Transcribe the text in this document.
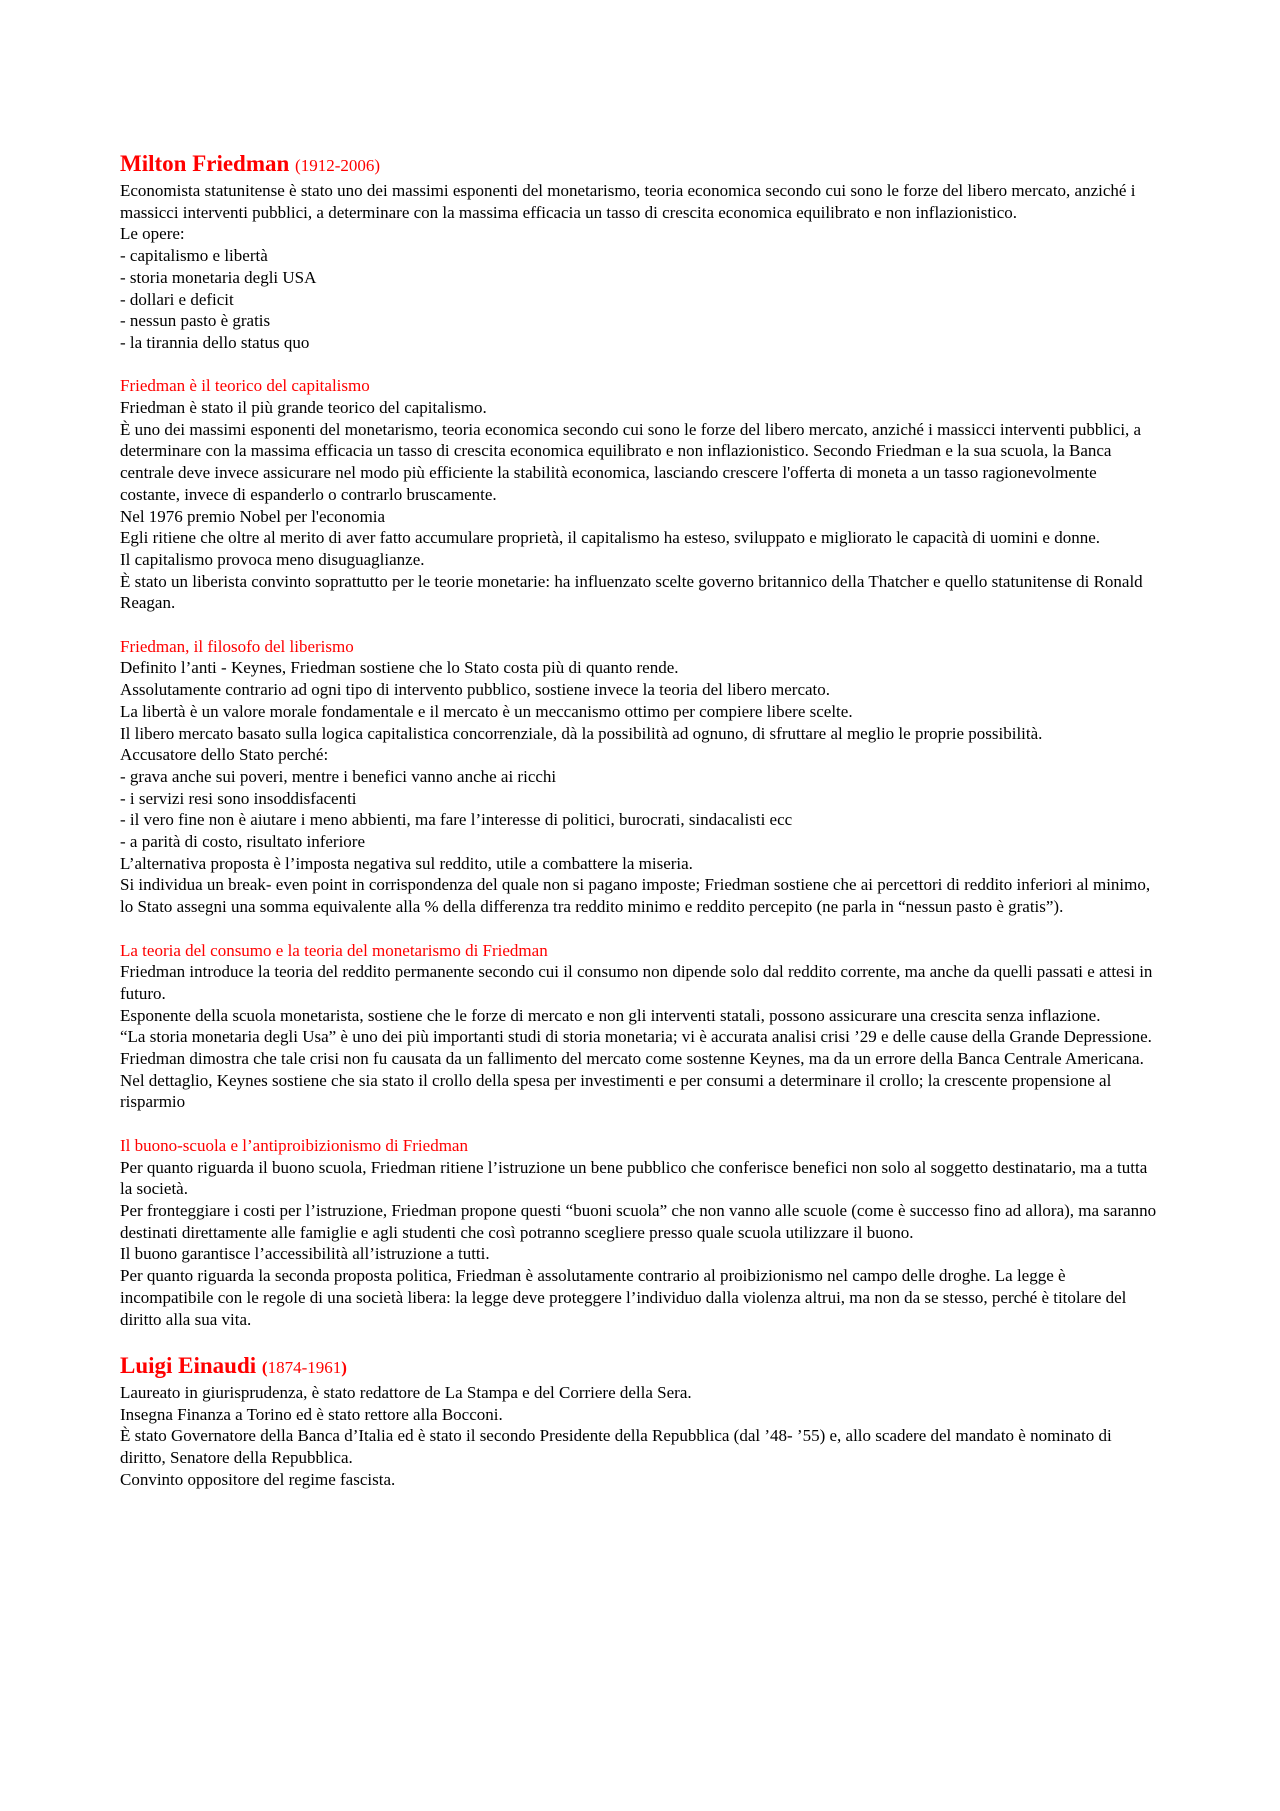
Milton Friedman (1912-2006)

Economista statunitense è stato uno dei massimi esponenti del monetarismo, teoria economica secondo cui sono le forze del libero mercato, anziché i massicci interventi pubblici, a determinare con la massima efficacia un tasso di crescita economica equilibrato e non inflazionistico.

Le opere:

- capitalismo e libertà

- storia monetaria degli USA

- dollari e deficit

- nessun pasto è gratis

- la tirannia dello status quo

Friedman è il teorico del capitalismo

Friedman è stato il più grande teorico del capitalismo.

È uno dei massimi esponenti del monetarismo, teoria economica secondo cui sono le forze del libero mercato, anziché i massicci interventi pubblici, a determinare con la massima efficacia un tasso di crescita economica equilibrato e non inflazionistico. Secondo Friedman e la sua scuola, la Banca centrale deve invece assicurare nel modo più efficiente la stabilità economica, lasciando crescere l'offerta di moneta a un tasso ragionevolmente costante, invece di espanderlo o contrarlo bruscamente.

Nel 1976 premio Nobel per l'economia

Egli ritiene che oltre al merito di aver fatto accumulare proprietà, il capitalismo ha esteso, sviluppato e migliorato le capacità di uomini e donne.

Il capitalismo provoca meno disuguaglianze.

È stato un liberista convinto soprattutto per le teorie monetarie: ha influenzato scelte governo britannico della Thatcher e quello statunitense di Ronald Reagan.

Friedman, il filosofo del liberismo

Definito l’anti - Keynes, Friedman sostiene che lo Stato costa più di quanto rende.

Assolutamente contrario ad ogni tipo di intervento pubblico, sostiene invece la teoria del libero mercato.

La libertà è un valore morale fondamentale e il mercato è un meccanismo ottimo per compiere libere scelte.

Il libero mercato basato sulla logica capitalistica concorrenziale, dà la possibilità ad ognuno, di sfruttare al meglio le proprie possibilità.

Accusatore dello Stato perché:

- grava anche sui poveri, mentre i benefici vanno anche ai ricchi

- i servizi resi sono insoddisfacenti

- il vero fine non è aiutare i meno abbienti, ma fare l’interesse di politici, burocrati, sindacalisti ecc

- a parità di costo, risultato inferiore

L’alternativa proposta è l’imposta negativa sul reddito, utile a combattere la miseria.

Si individua un break- even point in corrispondenza del quale non si pagano imposte; Friedman sostiene che ai percettori di reddito inferiori al minimo, lo Stato assegni una somma equivalente alla % della differenza tra reddito minimo e reddito percepito (ne parla in “nessun pasto è gratis”).

La teoria del consumo e la teoria del monetarismo di Friedman

Friedman introduce la teoria del reddito permanente secondo cui il consumo non dipende solo dal reddito corrente, ma anche da quelli passati e attesi in futuro.

Esponente della scuola monetarista, sostiene che le forze di mercato e non gli interventi statali, possono assicurare una crescita senza inflazione.

“La storia monetaria degli Usa” è uno dei più importanti studi di storia monetaria; vi è accurata analisi crisi ’29 e delle cause della Grande Depressione.

Friedman dimostra che tale crisi non fu causata da un fallimento del mercato come sostenne Keynes, ma da un errore della Banca Centrale Americana.

Nel dettaglio, Keynes sostiene che sia stato il crollo della spesa per investimenti e per consumi a determinare il crollo; la crescente propensione al risparmio

Il buono-scuola e l’antiproibizionismo di Friedman

Per quanto riguarda il buono scuola, Friedman ritiene l’istruzione un bene pubblico che conferisce benefici non solo al soggetto destinatario, ma a tutta la società.

Per fronteggiare i costi per l’istruzione, Friedman propone questi “buoni scuola” che non vanno alle scuole (come è successo fino ad allora), ma saranno destinati direttamente alle famiglie e agli studenti che così potranno scegliere presso quale scuola utilizzare il buono.

Il buono garantisce l’accessibilità all’istruzione a tutti.

Per quanto riguarda la seconda proposta politica, Friedman è assolutamente contrario al proibizionismo nel campo delle droghe. La legge è incompatibile con le regole di una società libera: la legge deve proteggere l’individuo dalla violenza altrui, ma non da se stesso, perché è titolare del diritto alla sua vita.

Luigi Einaudi (1874-1961)

Laureato in giurisprudenza, è stato redattore de La Stampa e del Corriere della Sera.

Insegna Finanza a Torino ed è stato rettore alla Bocconi.

È stato Governatore della Banca d’Italia ed è stato il secondo Presidente della Repubblica (dal ’48- ’55) e, allo scadere del mandato è nominato di diritto, Senatore della Repubblica.

Convinto oppositore del regime fascista.
